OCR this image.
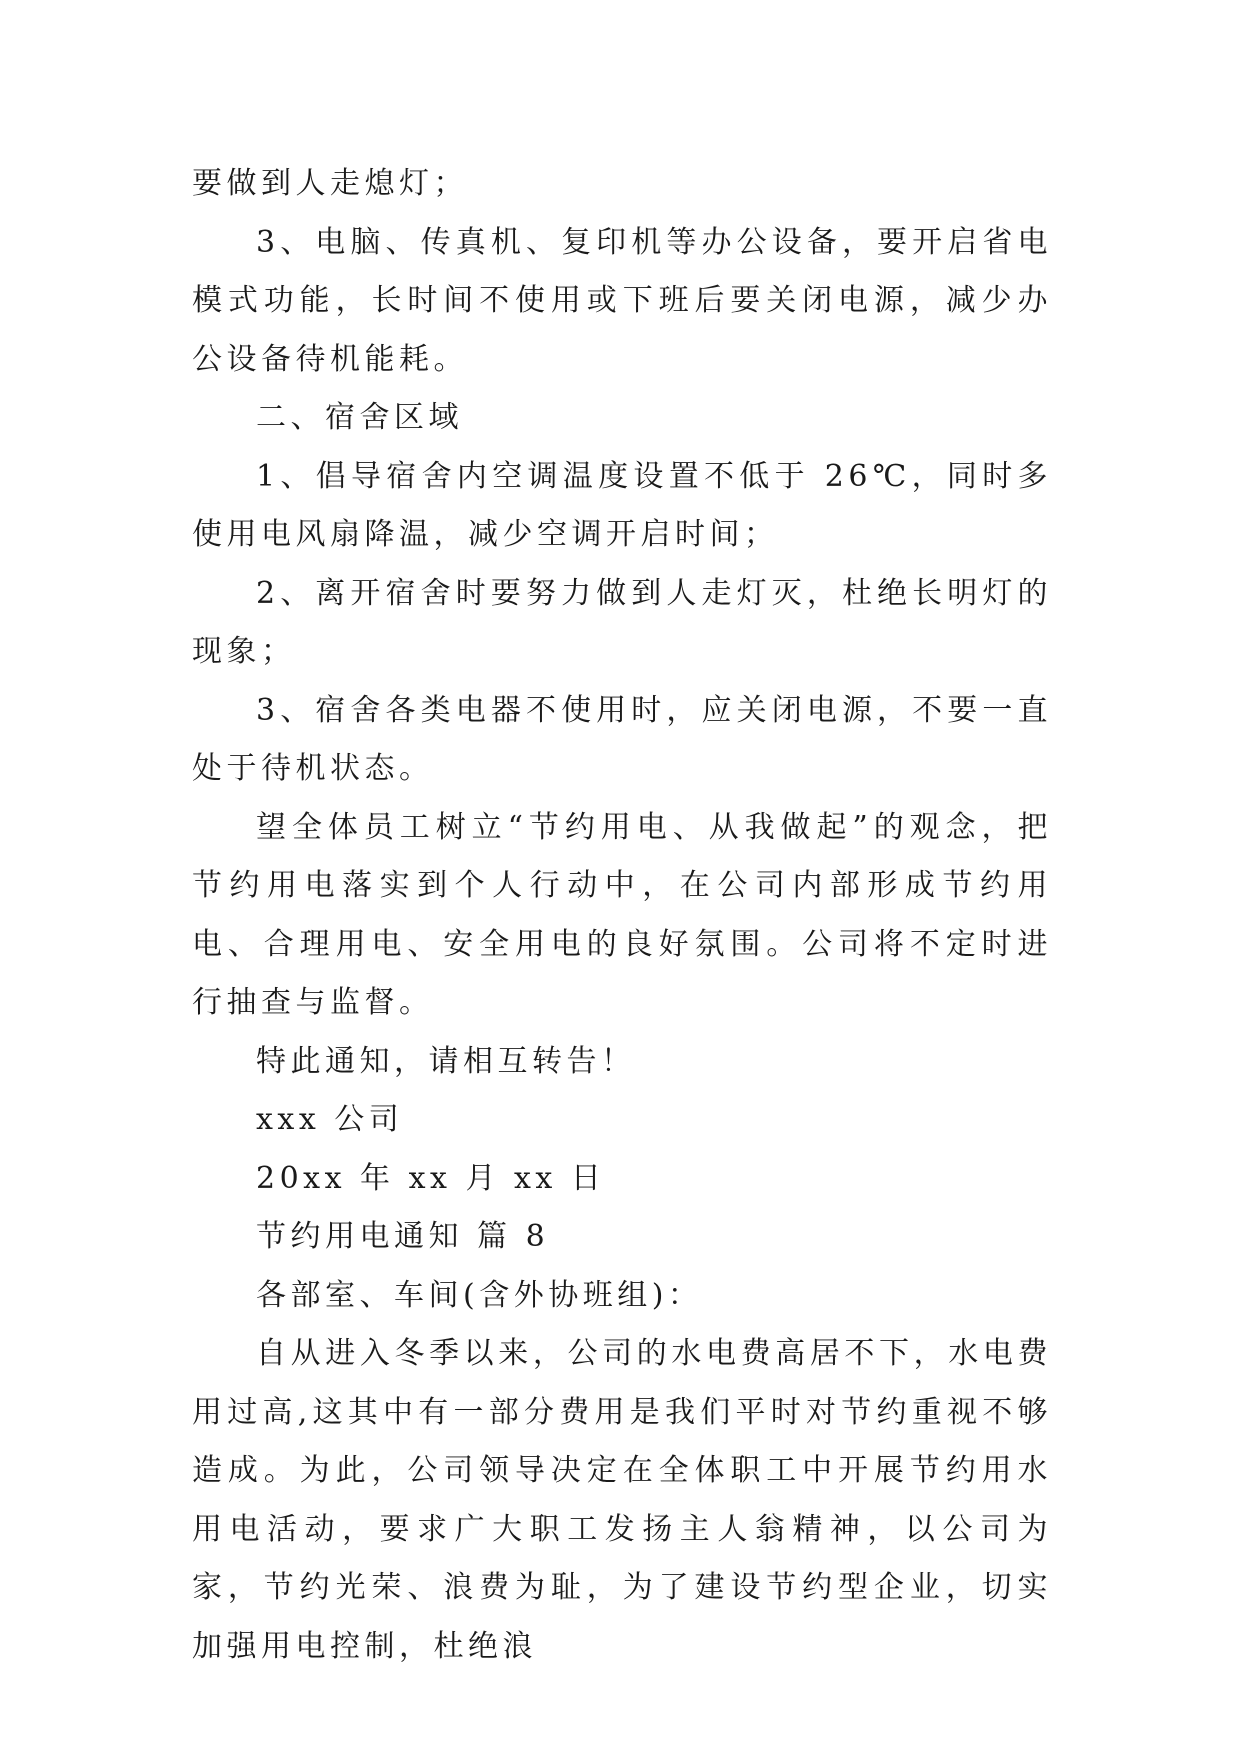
要做到人走熄灯；

3、电脑、传真机、复印机等办公设备，要开启省电模式功能，长时间不使用或下班后要关闭电源，减少办公设备待机能耗。

二、宿舍区域

1、倡导宿舍内空调温度设置不低于 26℃，同时多使用电风扇降温，减少空调开启时间；

2、离开宿舍时要努力做到人走灯灭，杜绝长明灯的现象；

3、宿舍各类电器不使用时，应关闭电源，不要一直处于待机状态。

望全体员工树立“节约用电、从我做起”的观念，把节约用电落实到个人行动中，在公司内部形成节约用电、合理用电、安全用电的良好氛围。公司将不定时进行抽查与监督。

特此通知，请相互转告！

xxx 公司

20xx 年 xx 月 xx 日

节约用电通知 篇 8

各部室、车间(含外协班组)：

自从进入冬季以来，公司的水电费高居不下，水电费用过高,这其中有一部分费用是我们平时对节约重视不够造成。为此，公司领导决定在全体职工中开展节约用水用电活动，要求广大职工发扬主人翁精神，以公司为家，节约光荣、浪费为耻，为了建设节约型企业，切实加强用电控制，杜绝浪
